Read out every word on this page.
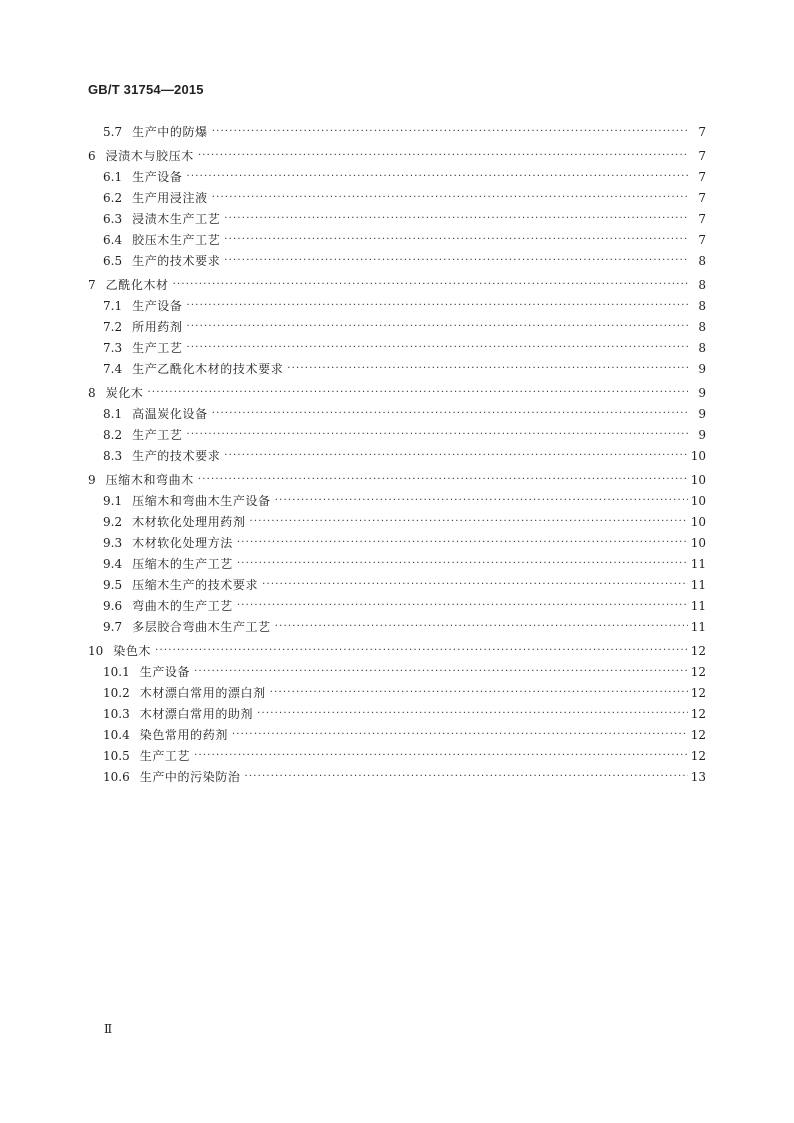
GB/T 31754—2015
5.7 生产中的防爆 ·····	7
6 浸渍木与胶压木 ·····	7
6.1 生产设备 ·····	7
6.2 生产用浸注液 ·····	7
6.3 浸渍木生产工艺 ·····	7
6.4 胶压木生产工艺 ·····	7
6.5 生产的技术要求 ·····	8
7 乙酰化木材 ·····	8
7.1 生产设备 ·····	8
7.2 所用药剂 ·····	8
7.3 生产工艺 ·····	8
7.4 生产乙酰化木材的技术要求 ·····	9
8 炭化木 ·····	9
8.1 高温炭化设备 ·····	9
8.2 生产工艺 ·····	9
8.3 生产的技术要求 ·····	10
9 压缩木和弯曲木 ·····	10
9.1 压缩木和弯曲木生产设备 ·····	10
9.2 木材软化处理用药剂 ·····	10
9.3 木材软化处理方法 ·····	10
9.4 压缩木的生产工艺 ·····	11
9.5 压缩木生产的技术要求 ·····	11
9.6 弯曲木的生产工艺 ·····	11
9.7 多层胶合弯曲木生产工艺 ·····	11
10 染色木 ·····	12
10.1 生产设备 ·····	12
10.2 木材漂白常用的漂白剂 ·····	12
10.3 木材漂白常用的助剂 ·····	12
10.4 染色常用的药剂 ·····	12
10.5 生产工艺 ·····	12
10.6 生产中的污染防治 ·····	13
Ⅱ
